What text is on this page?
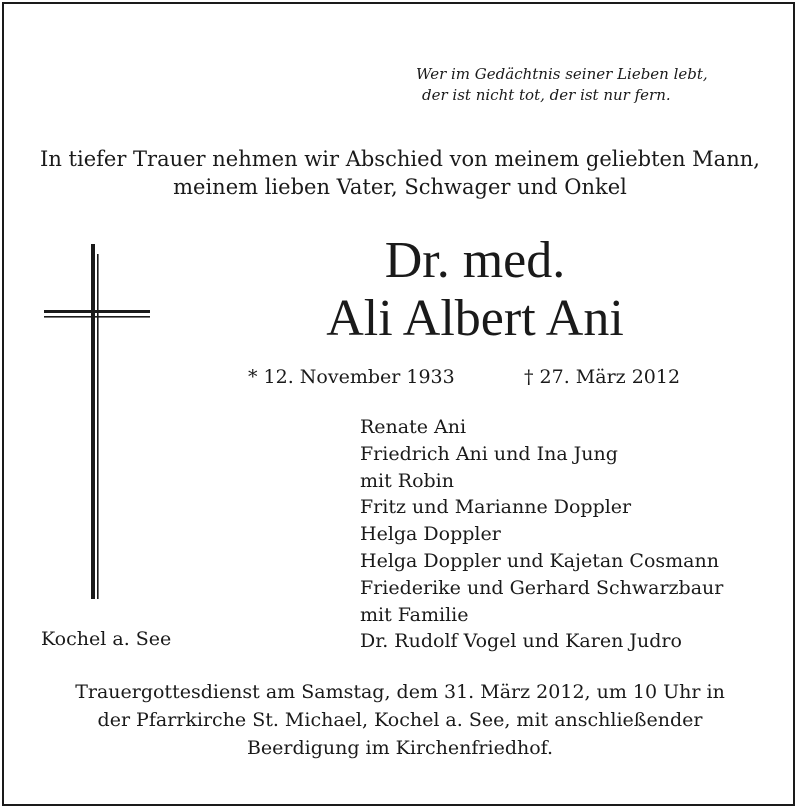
Wer im Gedächtnis seiner Lieben lebt,
der ist nicht tot, der ist nur fern.
In tiefer Trauer nehmen wir Abschied von meinem geliebten Mann,
meinem lieben Vater, Schwager und Onkel
Dr. med.
Ali Albert Ani
* 12. November 1933	† 27. März 2012
Renate Ani
Friedrich Ani und Ina Jung
mit Robin
Fritz und Marianne Doppler
Helga Doppler
Helga Doppler und Kajetan Cosmann
Friederike und Gerhard Schwarzbaur
mit Familie
Dr. Rudolf Vogel und Karen Judro
Kochel a. See
Trauergottesdienst am Samstag, dem 31. März 2012, um 10 Uhr in
der Pfarrkirche St. Michael, Kochel a. See, mit anschließender
Beerdigung im Kirchenfriedhof.
